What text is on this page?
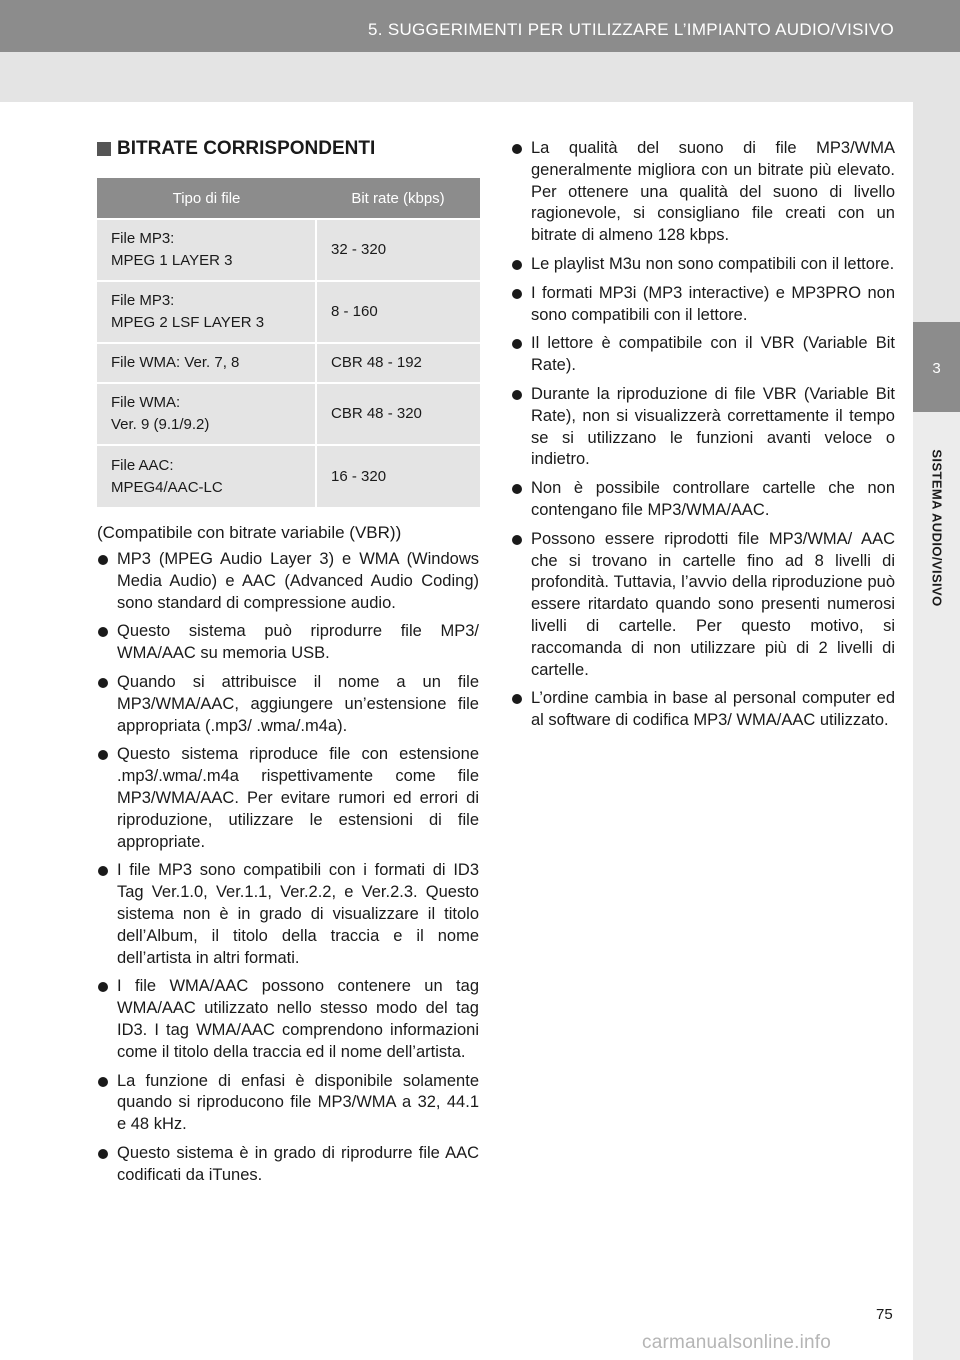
5. SUGGERIMENTI PER UTILIZZARE L’IMPIANTO AUDIO/VISIVO
3
SISTEMA AUDIO/VISIVO
BITRATE CORRISPONDENTI
Tipo di file	Bit rate (kbps)

File MP3:
MPEG 1 LAYER 3	32 - 320

File MP3:
MPEG 2 LSF LAYER 3	8 - 160

File WMA: Ver. 7, 8	CBR 48 - 192

File WMA:
Ver. 9 (9.1/9.2)	CBR 48 - 320

File AAC:
MPEG4/AAC-LC	16 - 320
(Compatibile con bitrate variabile (VBR))
MP3 (MPEG Audio Layer 3) e WMA (Windows Media Audio) e AAC (Advanced Audio Coding) sono standard di compressione audio.
Questo sistema può riprodurre file MP3/ WMA/AAC su memoria USB.
Quando si attribuisce il nome a un file MP3/WMA/AAC, aggiungere un’estensione file appropriata (.mp3/ .wma/.m4a).
Questo sistema riproduce file con estensione .mp3/.wma/.m4a rispettivamente come file MP3/WMA/AAC. Per evitare rumori ed errori di riproduzione, utilizzare le estensioni di file appropriate.
I file MP3 sono compatibili con i formati di ID3 Tag Ver.1.0, Ver.1.1, Ver.2.2, e Ver.2.3. Questo sistema non è in grado di visualizzare il titolo dell’Album, il titolo della traccia e il nome dell’artista in altri formati.
I file WMA/AAC possono contenere un tag WMA/AAC utilizzato nello stesso modo del tag ID3. I tag WMA/AAC comprendono informazioni come il titolo della traccia ed il nome dell’artista.
La funzione di enfasi è disponibile solamente quando si riproducono file MP3/WMA a 32, 44.1 e 48 kHz.
Questo sistema è in grado di riprodurre file AAC codificati da iTunes.
La qualità del suono di file MP3/WMA generalmente migliora con un bitrate più elevato. Per ottenere una qualità del suono di livello ragionevole, si consigliano file creati con un bitrate di almeno 128 kbps.
Le playlist M3u non sono compatibili con il lettore.
I formati MP3i (MP3 interactive) e MP3PRO non sono compatibili con il lettore.
Il lettore è compatibile con il VBR (Variable Bit Rate).
Durante la riproduzione di file VBR (Variable Bit Rate), non si visualizzerà correttamente il tempo se si utilizzano le funzioni avanti veloce o indietro.
Non è possibile controllare cartelle che non contengano file MP3/WMA/AAC.
Possono essere riprodotti file MP3/WMA/ AAC che si trovano in cartelle fino ad 8 livelli di profondità. Tuttavia, l’avvio della riproduzione può essere ritardato quando sono presenti numerosi livelli di cartelle. Per questo motivo, si raccomanda di non utilizzare più di 2 livelli di cartelle.
L’ordine cambia in base al personal computer ed al software di codifica MP3/ WMA/AAC utilizzato.
75
carmanualsonline.info
